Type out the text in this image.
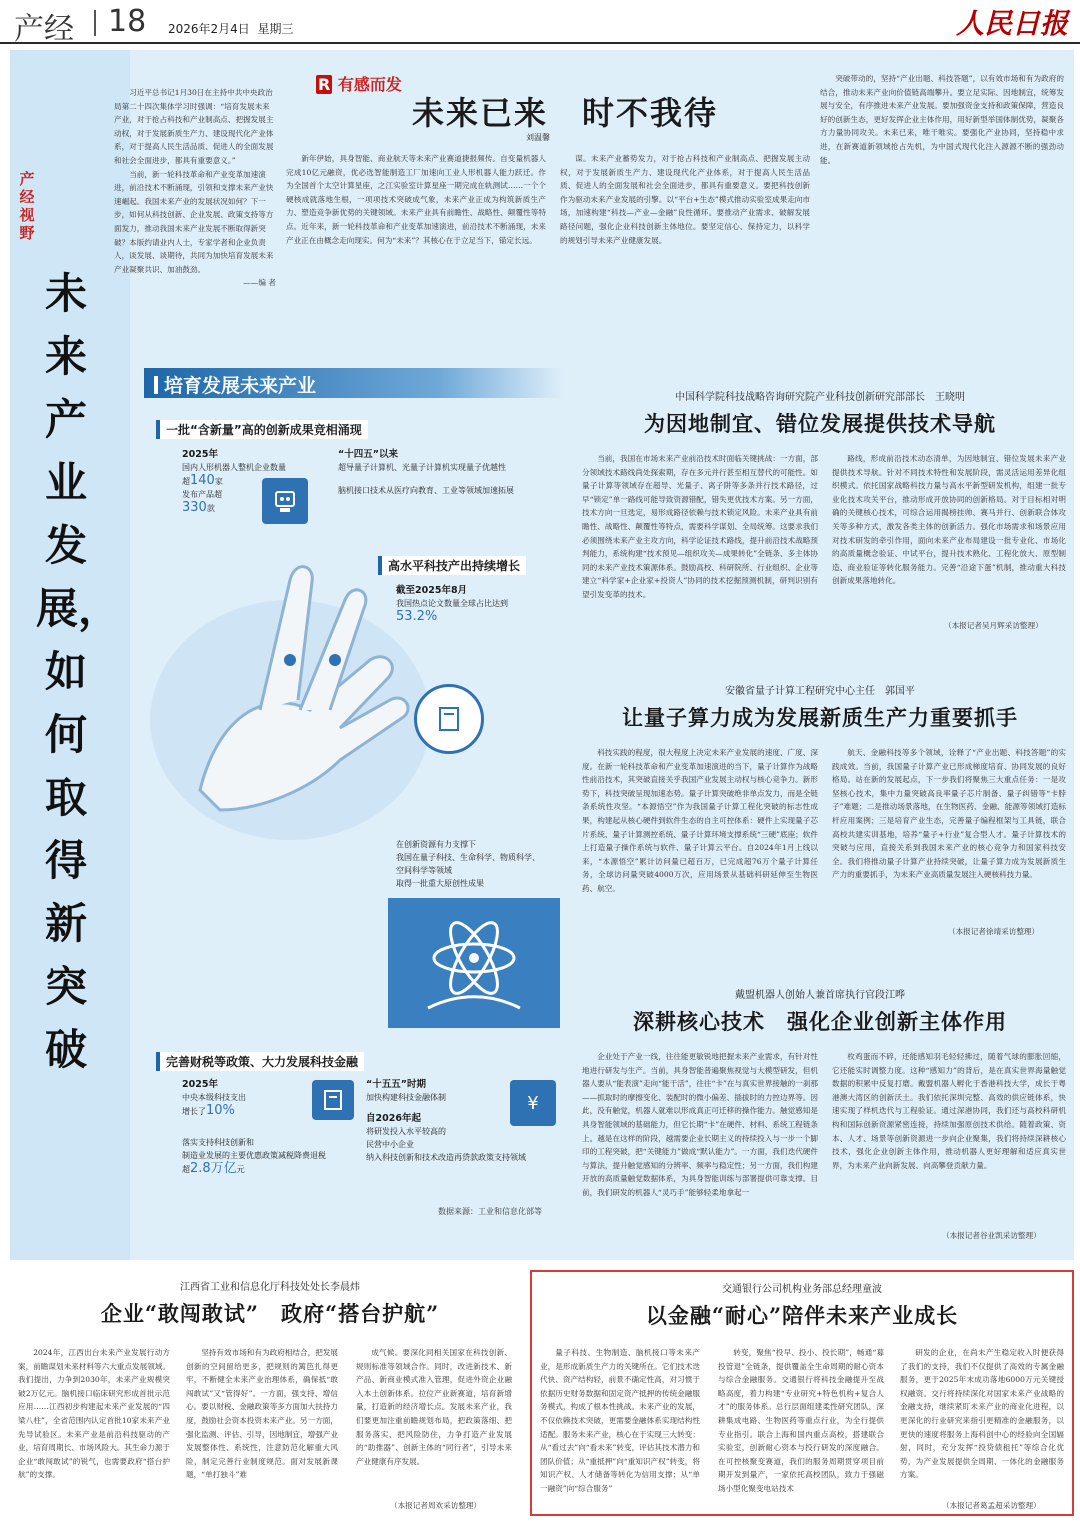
产经 18 2026年2月4日 星期三	人民日报
产经视野
未来产业发展，如何取得新突破

习近平总书记1月30日在主持中共中央政治局第二十四次集体学习时强调：“培育发展未来产业，对于抢占科技和产业制高点、把握发展主动权，对于发展新质生产力、建设现代化产业体系，对于提高人民生活品质、促进人的全面发展和社会全面进步，都具有重要意义。”

当前，新一轮科技革命和产业变革加速演进，前沿技术不断涌现，引领和支撑未来产业快速崛起。我国未来产业的发展状况如何？下一步，如何从科技创新、企业发展、政策支持等方面发力，推动我国未来产业发展不断取得新突破？本版约请业内人士，专家学者和企业负责人，谈发展、谈期待，共同为加快培育发展未来产业凝聚共识、加油鼓劲。

——编 者
R 有感而发
未来已来　时不我待
刘温馨

新年伊始，具身智能、商业航天等未来产业赛道捷报频传。自变量机器人完成10亿元融资，优必选智能制造工厂加速向工业人形机器人能力跃迁。作为全国首个太空计算星座，之江实验室计算星座一期完成在轨测试……一个个硬核成就落地生根，一项项技术突破成气象，未来产业正成为构筑新质生产力、塑造竞争新优势的关键领域。未来产业具有前瞻性、战略性、颠覆性等特点。近年来，新一轮科技革命和产业变革加速演进，前沿技术不断涌现，未来产业正在由概念走向现实。何为“未来”？其核心在于立足当下，锚定长远。

谋。未来产业蓄势发力，对于抢占科技和产业制高点、把握发展主动权，对于发展新质生产力、建设现代化产业体系，对于提高人民生活品质、促进人的全面发展和社会全面进步，都具有重要意义。要把科技创新作为驱动未来产业发展的引擎。以“平台+生态”模式推动实验室成果走向市场，加速构建“科技—产业—金融”良性循环。要推动产业需求、破解发展路径问题，强化企业科技创新主体地位。要坚定信心、保持定力，以科学的规划引导未来产业健康发展。

突破带动的，坚持“产业出题、科技答题”，以有效市场和有为政府的结合，推动未来产业向价值链高端攀升。要立足实际、因地制宜，统筹发展与安全，有序推进未来产业发展。要加强资金支持和政策保障，营造良好的创新生态，更好发挥企业主体作用，用好新型举国体制优势，凝聚各方力量协同攻关。未来已来，唯干唯实。要强化产业协同，坚持稳中求进，在新赛道新领域抢占先机，为中国式现代化注入源源不断的强劲动能。

培育发展未来产业
一批“含新量”高的创新成果竞相涌现
2025年
国内人形机器人整机企业数量
超140家
发布产品超
330款
“十四五”以来
超导量子计算机、光量子计算机实现量子优越性
脑机接口技术从医疗向教育、工业等领域加速拓展
高水平科技产出持续增长
截至2025年8月
我国热点论文数量全球占比达到
53.2%
在创新资源有力支撑下
我国在量子科技、生命科学、物质科学、
空间科学等领域
取得一批重大原创性成果
完善财税等政策、大力发展科技金融
2025年
中央本级科技支出
增长了10%
落实支持科技创新和
制造业发展的主要优惠政策减税降费退税
超2.8万亿元
“十五五”时期
加快构建科技金融体制
自2026年起
将研发投入水平较高的
民营中小企业
纳入科技创新和技术改造再贷款政策支持领域
¥
数据来源：工业和信息化部等
中国科学院科技战略咨询研究院产业科技创新研究部部长　王晓明
为因地制宜、错位发展提供技术导航

当前，我国在市场未来产业前沿技术时面临关键挑战：一方面，部分领域技术路线尚处探索期，存在多元并行甚至相互替代的可能性。如量子计算等领域存在超导、光量子、离子阱等多条并行技术路径，过早“锁定”单一路线可能导致资源错配，错失更优技术方案。另一方面，技术方向一旦选定，易形成路径依赖与技术锁定风险。未来产业具有前瞻性、战略性、颠覆性等特点，需要科学谋划、全局统筹。这要求我们必须围绕未来产业主攻方向，科学论证技术路线，提升前沿技术战略预判能力，系统构建“技术预见—组织攻关—成果转化”全链条、多主体协同的未来产业技术策源体系。鼓励高校、科研院所、行业组织、企业等建立“科学家+企业家+投资人”协同的技术挖掘预测机制，研判识别有望引发变革的技术。

路线，形成前沿技术动态清单，为因地制宜、错位发展未来产业提供技术导航。针对不同技术特性和发展阶段，需灵活运用差异化组织模式。依托国家战略科技力量与高水平新型研发机构，组建一批专业化技术攻关平台，推动形成开放协同的创新格局。对于目标相对明确的关键核心技术，可综合运用揭榜挂帅、赛马并行、创新联合体攻关等多种方式，激发各类主体的创新活力。强化市场需求和场景应用对技术研发的牵引作用，面向未来产业布局建设一批专业化、市场化的高质量概念验证、中试平台，提升技术熟化、工程化放大、原型制造、商业验证等转化服务能力。完善“沿途下蛋”机制，推动重大科技创新成果落地转化。

（本报记者吴月辉采访整理）
安徽省量子计算工程研究中心主任　郭国平
让量子算力成为发展新质生产力重要抓手

科技实践的程度，很大程度上决定未来产业发展的速度、广度、深度。在新一轮科技革命和产业变革加速演进的当下，量子计算作为战略性前沿技术，其突破直接关乎我国产业发展主动权与核心竞争力。新形势下，科技突破呈现加速态势。量子计算突破绝非单点发力，而是全链条系统性攻坚。“本源悟空”作为我国量子计算工程化突破的标志性成果，构建起从核心硬件到软件生态的自主可控体系：硬件上实现量子芯片系统、量子计算测控系统、量子计算环境支撑系统“三硬”底座；软件上打造量子操作系统与软件、量子计算云平台。自2024年1月上线以来，“本源悟空”累计访问量已超百万，已完成超76万个量子计算任务，全球访问量突破4000万次，应用场景从基础科研延伸至生物医药、航空。

航天、金融科技等多个领域，诠释了“产业出题、科技答题”的实践成效。当前，我国量子计算产业已形成梯度培育、协同发展的良好格局。站在新的发展起点，下一步我们将聚焦三大重点任务：一是攻坚核心技术，集中力量突破高良率量子芯片制备、量子纠错等“卡脖子”难题；二是推动场景落地，在生物医药、金融、能源等领域打造标杆应用案例；三是培育产业生态，完善量子编程框架与工具链，联合高校共建实训基地，培养“量子+行业”复合型人才。量子计算技术的突破与应用，直接关系到我国未来产业的核心竞争力和国家科技安全。我们将推动量子计算产业持续突破，让量子算力成为发展新质生产力的重要抓手，为未来产业高质量发展注入硬核科技力量。

（本报记者徐靖采访整理）
戴盟机器人创始人兼首席执行官段江哗
深耕核心技术　强化企业创新主体作用

企业处于产业一线，往往能更敏锐地把握未来产业需求，有针对性地进行研发与生产。当前，具身智能普遍聚焦视觉与大模型研发，但机器人要从“能表演”走向“能干活”，往往“卡”在与真实世界接触的一刹那——抓取时的摩擦变化、装配时的微小偏差、插拔时的力控边界等。因此，没有触觉，机器人就难以形成真正可迁移的操作能力。触觉感知是具身智能领域的基础能力，但它长期“卡”在硬件、材料、系统工程链条上。越是在这样的阶段，越需要企业长期主义的持续投入与一步一个脚印的工程突破，把“关键能力”做成“默认能力”。一方面，我们迭代硬件与算法，提升触觉感知的分辨率、频率与稳定性；另一方面，我们构建开放的高质量触觉数据体系，为具身智能训练与部署提供可靠支撑。目前，我们研发的机器人“灵巧手”能够轻柔地拿起一

枚鸡蛋而不碎，还能感知羽毛轻轻拂过，随着气球的膨胀回缩，它还能实时调整力度。这种“感知力”的背后，是在真实世界海量触觉数据的积累中反复打磨。戴盟机器人孵化于香港科技大学，成长于粤港澳大湾区的创新沃土。我们依托深圳完整、高效的供应链体系，快速实现了样机迭代与工程验证。通过深港协同，我们还与高校科研机构和国际创新资源紧密连接，持续加强原创技术供给。随着政策、资本、人才、场景等创新资源进一步向企业聚集，我们将持续深耕核心技术，强化企业创新主体作用，推动机器人更好理解和适应真实世界，为未来产业向新发展、向高攀登贡献力量。

（本报记者谷业凯采访整理）
江西省工业和信息化厅科技处处长李晨炜
企业“敢闯敢试”　政府“搭台护航”

2024年，江西出台未来产业发展行动方案，前瞻谋划未来材料等六大重点发展领域。我们提出，力争到2030年，未来产业规模突破2万亿元。脑机接口临床研究形成首批示范应用……江西初步构建起未来产业发展的“四梁八柱”，全省范围内认定首批10家未来产业先导试验区。未来产业是前沿科技驱动的产业，培育周期长、市场风险大。其生命力源于企业“敢闯敢试”的锐气，也需要政府“搭台护航”的支撑。

坚持有效市场和有为政府相结合，把发展创新的空间留给更多，把规则的篱笆扎得更牢，不断健全未来产业治理体系，确保抵“敢闯敢试”又“管得好”。一方面，强支持、增信心。要以财税、金融政策等多方面加大扶持力度，鼓励社会资本投资未来产业。另一方面，强化监测、评估、引导，因地制宜，增强产业发展整体性、系统性，注意防范化解重大风险，制定完善行业制度规范。面对发展新课题，“单打独斗”难

成气候。要深化同相关国家在科技创新、规则标准等领域合作。同时，改进新技术、新产品、新商业模式准入管理，促进外资企业融入本土创新体系。拉位产业新赛道，培育新增量，打造新的经济增长点。发展未来产业，我们要更加注重前瞻规划布局，把政策落细、把服务落实、把风险防住，力争打造产业发展的“助推器”、创新主体的“同行者”，引导未来产业健康有序发展。

（本报记者周欢采访整理）
交通银行公司机构业务部总经理童波
以金融“耐心”陪伴未来产业成长

量子科技、生物制造、脑机接口等未来产业，是形成新质生产力的关键所在。它们技术迭代快、资产结构轻，前景不确定性高，对习惯于依据历史财务数据和固定资产抵押的传统金融服务模式，构成了根本性挑战。未来产业的发展，不仅依赖技术突破，更需要金融体系实现结构性适配。服务未来产业，核心在于实现三大转变：从“看过去”向“看未来”转变，评估其技术潜力和团队价值；从“重抵押”向“重知识产权”转变，将知识产权、人才储备等转化为信用支撑；从“单一融资”向“综合服务”

转变，聚焦“投早、投小、投长期”，畅通“募投管退”全链条，提供覆盖全生命周期的耐心资本与综合金融服务。交通银行将科技金融提升至战略高度，着力构建“专业研究+特色机构+复合人才”的服务体系。总行层面组建柔性研究团队，深耕集成电路、生物医药等重点行业，为全行提供专业指引。联合上海和国内重点高校，搭建联合实验室，创新耐心资本与投行研发的深度融合。在可控核聚变赛道，我们的服务周期贯穿项目前期开发到量产，一家依托高校团队，致力于强磁场小型化聚变电站技术

研发的企业，在尚未产生稳定收入时便获得了我们的支持，我们不仅提供了高效的专属金融服务，更于2025年末成功落地6000万元关键授权融资。交行将持续深化对国家未来产业战略的金融支持，继续紧盯未来产业的商业化进程，以更深化的行业研究来指引更精准的金融服务，以更快的速度将服务上海科创中心的经验向全国辐射，同时，充分发挥“投贷债租托”等综合化优势，为产业发展提供全周期、一体化的金融服务方案。

（本报记者葛孟超采访整理）
